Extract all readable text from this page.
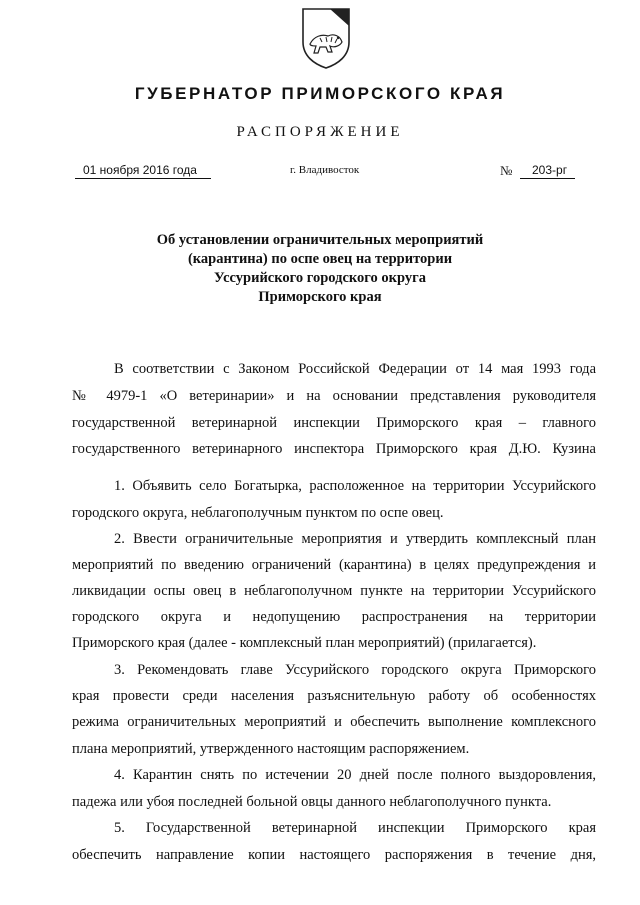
ГУБЕРНАТОР ПРИМОРСКОГО КРАЯ
РАСПОРЯЖЕНИЕ
01 ноября 2016 года	г. Владивосток	№	203-рг
Об установлении ограничительных мероприятий
(карантина) по оспе овец на территории
Уссурийского городского округа
Приморского края
В соответствии с Законом Российской Федерации от 14 мая 1993 года
№ 4979-1 «О ветеринарии» и на основании представления руководителя
государственной ветеринарной инспекции Приморского края – главного
государственного ветеринарного инспектора Приморского края Д.Ю. Кузина
1. Объявить село Богатырка, расположенное на территории Уссурийского
городского округа, неблагополучным пунктом по оспе овец.
2. Ввести ограничительные мероприятия и утвердить комплексный план
мероприятий по введению ограничений (карантина) в целях предупреждения и
ликвидации оспы овец в неблагополучном пункте на территории Уссурийского
городского округа и недопущению распространения на территории
Приморского края (далее - комплексный план мероприятий) (прилагается).
3. Рекомендовать главе Уссурийского городского округа Приморского
края провести среди населения разъяснительную работу об особенностях
режима ограничительных мероприятий и обеспечить выполнение комплексного
плана мероприятий, утвержденного настоящим распоряжением.
4. Карантин снять по истечении 20 дней после полного выздоровления,
падежа или убоя последней больной овцы данного неблагополучного пункта.
5. Государственной ветеринарной инспекции Приморского края
обеспечить направление копии настоящего распоряжения в течение дня,
